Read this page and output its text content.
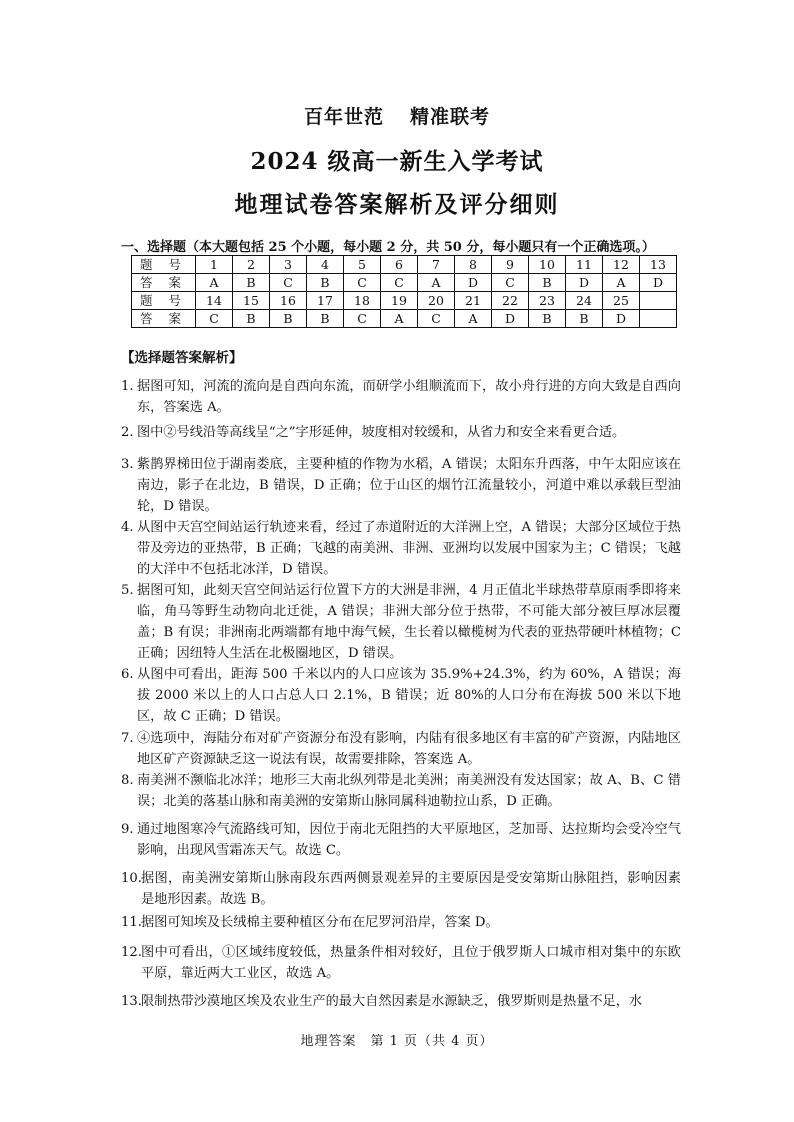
百年世范 精准联考
2024 级高一新生入学考试
地理试卷答案解析及评分细则
一、选择题（本大题包括 25 个小题，每小题 2 分，共 50 分，每小题只有一个正确选项。）
题 号	1	2	3	4	5	6	7	8	9	10	11	12	13
答 案	A	B	C	B	C	C	A	D	C	B	D	A	D
题 号	14	15	16	17	18	19	20	21	22	23	24	25	
答 案	C	B	B	B	C	A	C	A	D	B	B	D	
【选择题答案解析】
1. 据图可知，河流的流向是自西向东流，而研学小组顺流而下，故小舟行进的方向大致是自西向东，答案选 A。
2. 图中②号线沿等高线呈“之”字形延伸，坡度相对较缓和，从省力和安全来看更合适。
3. 紫鹊界梯田位于湖南娄底，主要种植的作物为水稻，A 错误；太阳东升西落，中午太阳应该在南边，影子在北边，B 错误，D 正确；位于山区的烟竹江流量较小，河道中难以承载巨型油轮，D 错误。
4. 从图中天宫空间站运行轨迹来看，经过了赤道附近的大洋洲上空，A 错误；大部分区域位于热带及旁边的亚热带，B 正确；飞越的南美洲、非洲、亚洲均以发展中国家为主；C 错误；飞越的大洋中不包括北冰洋，D 错误。
5. 据图可知，此刻天宫空间站运行位置下方的大洲是非洲，4 月正值北半球热带草原雨季即将来临，角马等野生动物向北迁徙，A 错误；非洲大部分位于热带，不可能大部分被巨厚冰层覆盖；B 有误；非洲南北两端都有地中海气候，生长着以橄榄树为代表的亚热带硬叶林植物；C 正确；因纽特人生活在北极圈地区，D 错误。
6. 从图中可看出，距海 500 千米以内的人口应该为 35.9%+24.3%，约为 60%，A 错误；海拔 2000 米以上的人口占总人口 2.1%，B 错误；近 80%的人口分布在海拔 500 米以下地区，故 C 正确；D 错误。
7. ④选项中，海陆分布对矿产资源分布没有影响，内陆有很多地区有丰富的矿产资源，内陆地区地区矿产资源缺乏这一说法有误，故需要排除，答案选 A。
8. 南美洲不濒临北冰洋；地形三大南北纵列带是北美洲；南美洲没有发达国家；故 A、B、C 错误；北美的落基山脉和南美洲的安第斯山脉同属科迪勒拉山系，D 正确。
9. 通过地图寒冷气流路线可知，因位于南北无阻挡的大平原地区，芝加哥、达拉斯均会受冷空气影响，出现风雪霜冻天气。故选 C。
10. 据图，南美洲安第斯山脉南段东西两侧景观差异的主要原因是受安第斯山脉阻挡，影响因素是地形因素。故选 B。
11. 据图可知埃及长绒棉主要种植区分布在尼罗河沿岸，答案 D。
12. 图中可看出，①区域纬度较低，热量条件相对较好，且位于俄罗斯人口城市相对集中的东欧平原，靠近两大工业区，故选 A。
13. 限制热带沙漠地区埃及农业生产的最大自然因素是水源缺乏，俄罗斯则是热量不足，水
地理答案　第 1 页（共 4 页）
